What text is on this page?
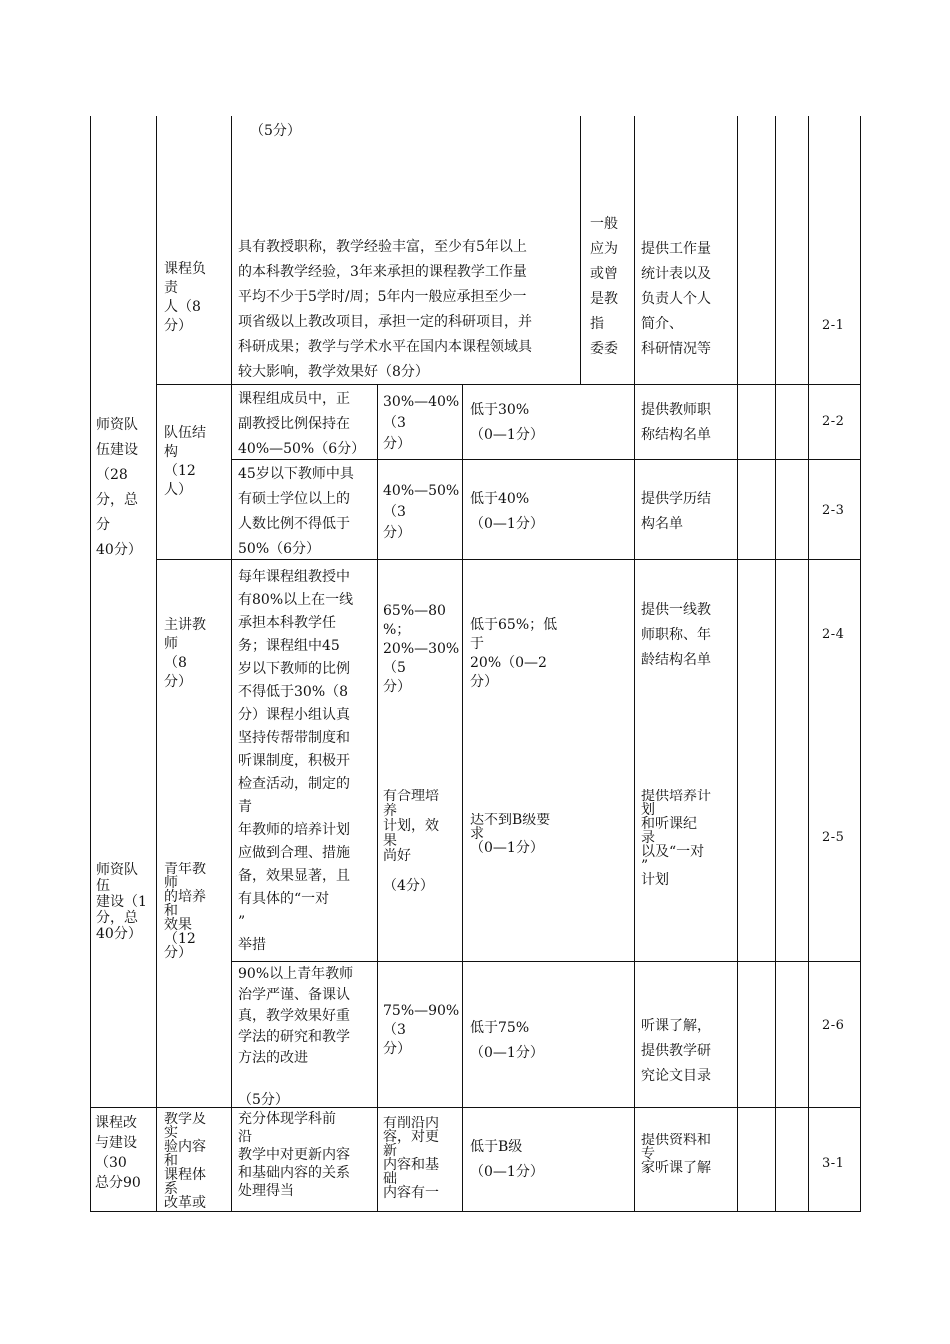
（5分）
师资队
伍建设
（28
分，总
分
40分）
师资队
伍
建设（1
分，总
40分）
课程改
与建设
（30
总分90
课程负
责
人（8
分）
具有教授职称，教学经验丰富，至少有5年以上
的本科教学经验，3年来承担的课程教学工作量
平均不少于5学时/周；5年内一般应承担至少一
项省级以上教改项目，承担一定的科研项目，并
科研成果；教学与学术水平在国内本课程领域具
较大影响，教学效果好（8分）
一般
应为
或曾
是教
指
委委
提供工作量
统计表以及
负责人个人
简介、
科研情况等
2-1
队伍结
构
（12
人）
课程组成员中，正
副教授比例保持在
40%—50%（6分）
30%—40%
（3
分）
低于30%
（0—1分）
提供教师职
称结构名单
2-2
45岁以下教师中具
有硕士学位以上的
人数比例不得低于
50%（6分）
40%—50%
（3
分）
低于40%
（0—1分）
提供学历结
构名单
2-3
主讲教
师
（8
分）
每年课程组教授中
有80%以上在一线
承担本科教学任
务；课程组中45
岁以下教师的比例
不得低于30%（8
分）课程小组认真
坚持传帮带制度和
听课制度，积极开
检查活动，制定的
青
年教师的培养计划
应做到合理、措施
备，效果显著，且
有具体的“一对
”
举措

65%—80
%；
20%—30%
（5
分）
低于65%；低
于
20%（0—2
分）
提供一线教
师职称、年
龄结构名单
2-4
青年教
师
的培养
和
效果
（12
分）
有合理培
养
计划，效
果
尚好

（4分）
达不到B级要
求
（0—1分）
提供培养计
划
和听课纪
录
以及“一对
”
计划
2-5
90%以上青年教师
治学严谨、备课认
真，教学效果好重
学法的研究和教学
方法的改进

（5分）
75%—90%
（3
分）
低于75%
（0—1分）
听课了解，
提供教学研
究论文目录
2-6
教学及
实
验内容
和
课程体
系
改革或
充分体现学科前
沿
教学中对更新内容
和基础内容的关系
处理得当
有削沿内
容，对更
新
内容和基
础
内容有一
低于B级
（0—1分）
提供资料和
专
家听课了解	3-1
